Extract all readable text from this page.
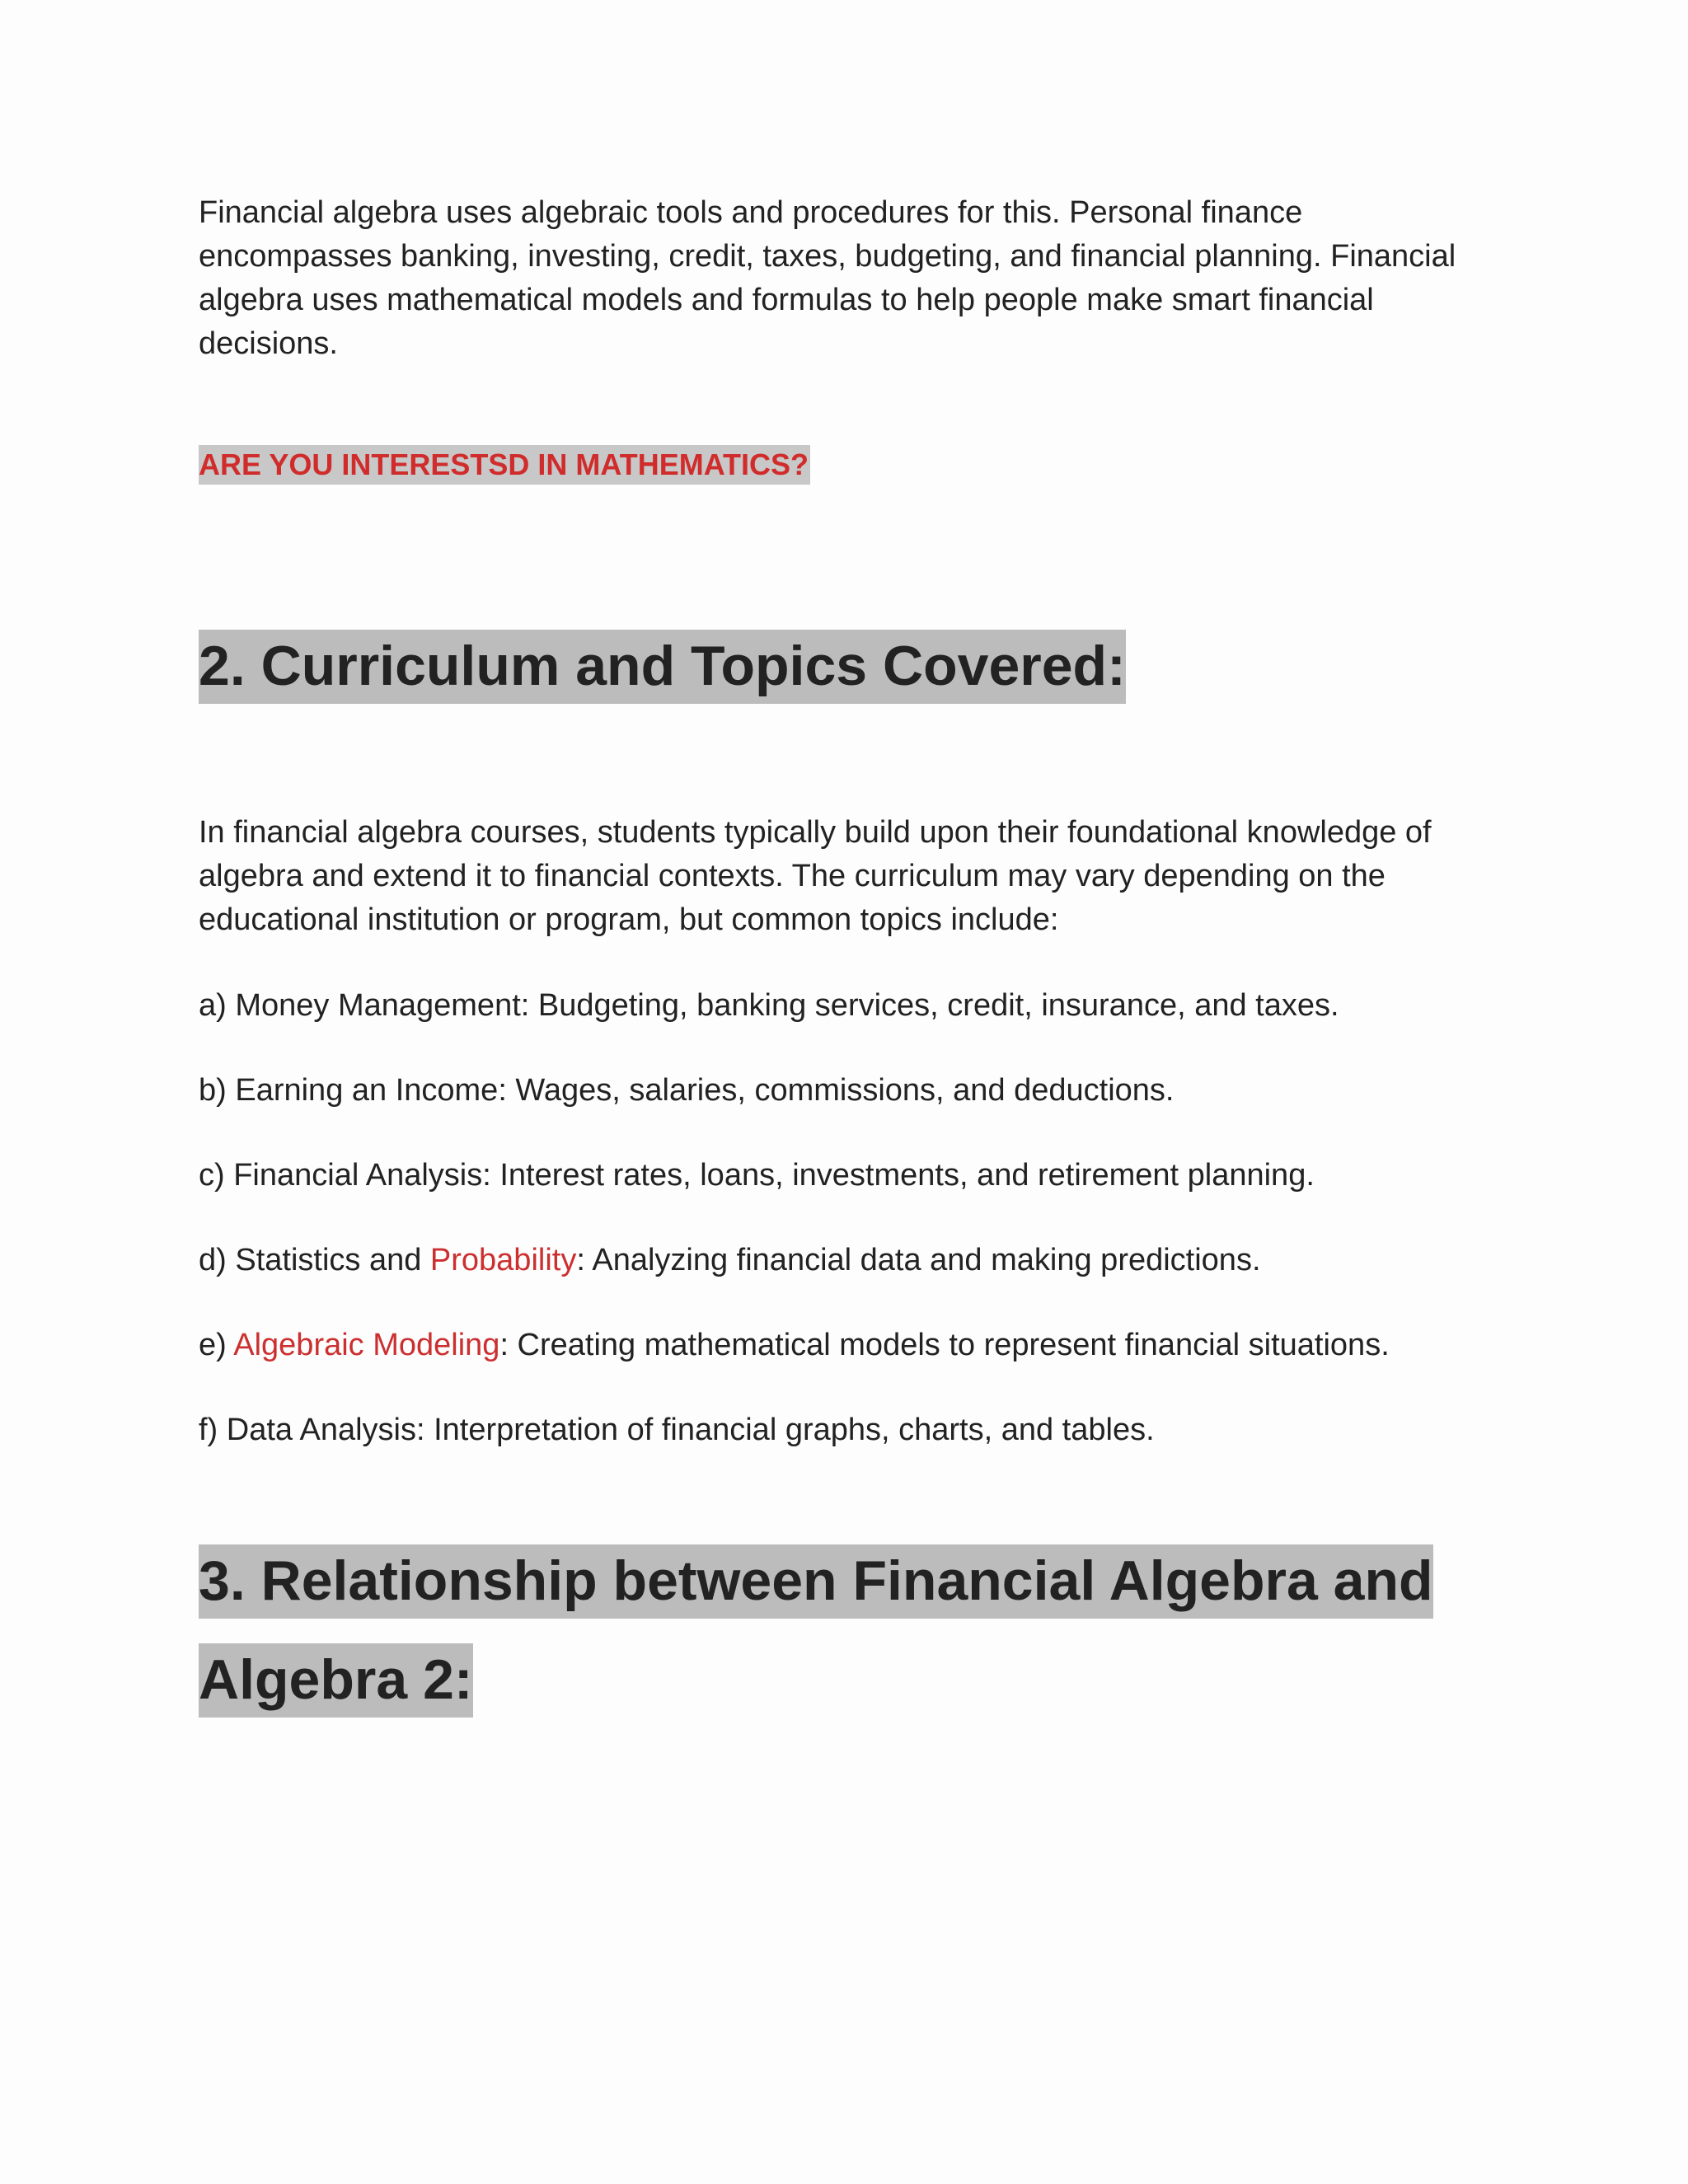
Financial algebra uses algebraic tools and procedures for this. Personal finance encompasses banking, investing, credit, taxes, budgeting, and financial planning. Financial algebra uses mathematical models and formulas to help people make smart financial decisions.

ARE YOU INTERESTSD IN MATHEMATICS?
2. Curriculum and Topics Covered:

In financial algebra courses, students typically build upon their foundational knowledge of algebra and extend it to financial contexts. The curriculum may vary depending on the educational institution or program, but common topics include:

a) Money Management: Budgeting, banking services, credit, insurance, and taxes.

b) Earning an Income: Wages, salaries, commissions, and deductions.

c) Financial Analysis: Interest rates, loans, investments, and retirement planning.

d) Statistics and Probability: Analyzing financial data and making predictions.

e) Algebraic Modeling: Creating mathematical models to represent financial situations.

f) Data Analysis: Interpretation of financial graphs, charts, and tables.

3. Relationship between Financial Algebra and Algebra 2:
